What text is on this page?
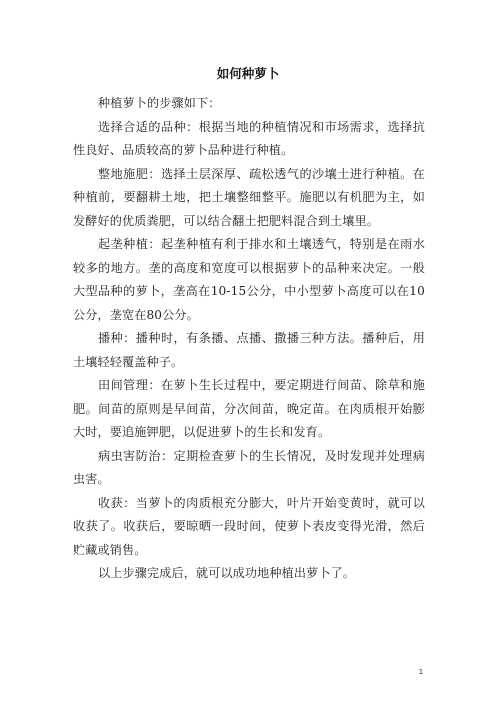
如何种萝卜

种植萝卜的步骤如下：

选择合适的品种：根据当地的种植情况和市场需求，选择抗性良好、品质较高的萝卜品种进行种植。

整地施肥：选择土层深厚、疏松透气的沙壤土进行种植。在种植前，要翻耕土地，把土壤整细整平。施肥以有机肥为主，如发酵好的优质粪肥，可以结合翻土把肥料混合到土壤里。

起垄种植：起垄种植有利于排水和土壤透气，特别是在雨水较多的地方。垄的高度和宽度可以根据萝卜的品种来决定。一般大型品种的萝卜，垄高在10-15公分，中小型萝卜高度可以在10公分，垄宽在80公分。

播种：播种时，有条播、点播、撒播三种方法。播种后，用土壤轻轻覆盖种子。

田间管理：在萝卜生长过程中，要定期进行间苗、除草和施肥。间苗的原则是早间苗，分次间苗，晚定苗。在肉质根开始膨大时，要追施钾肥，以促进萝卜的生长和发育。

病虫害防治：定期检查萝卜的生长情况，及时发现并处理病虫害。

收获：当萝卜的肉质根充分膨大，叶片开始变黄时，就可以收获了。收获后，要晾晒一段时间，使萝卜表皮变得光滑，然后贮藏或销售。

以上步骤完成后，就可以成功地种植出萝卜了。

1
